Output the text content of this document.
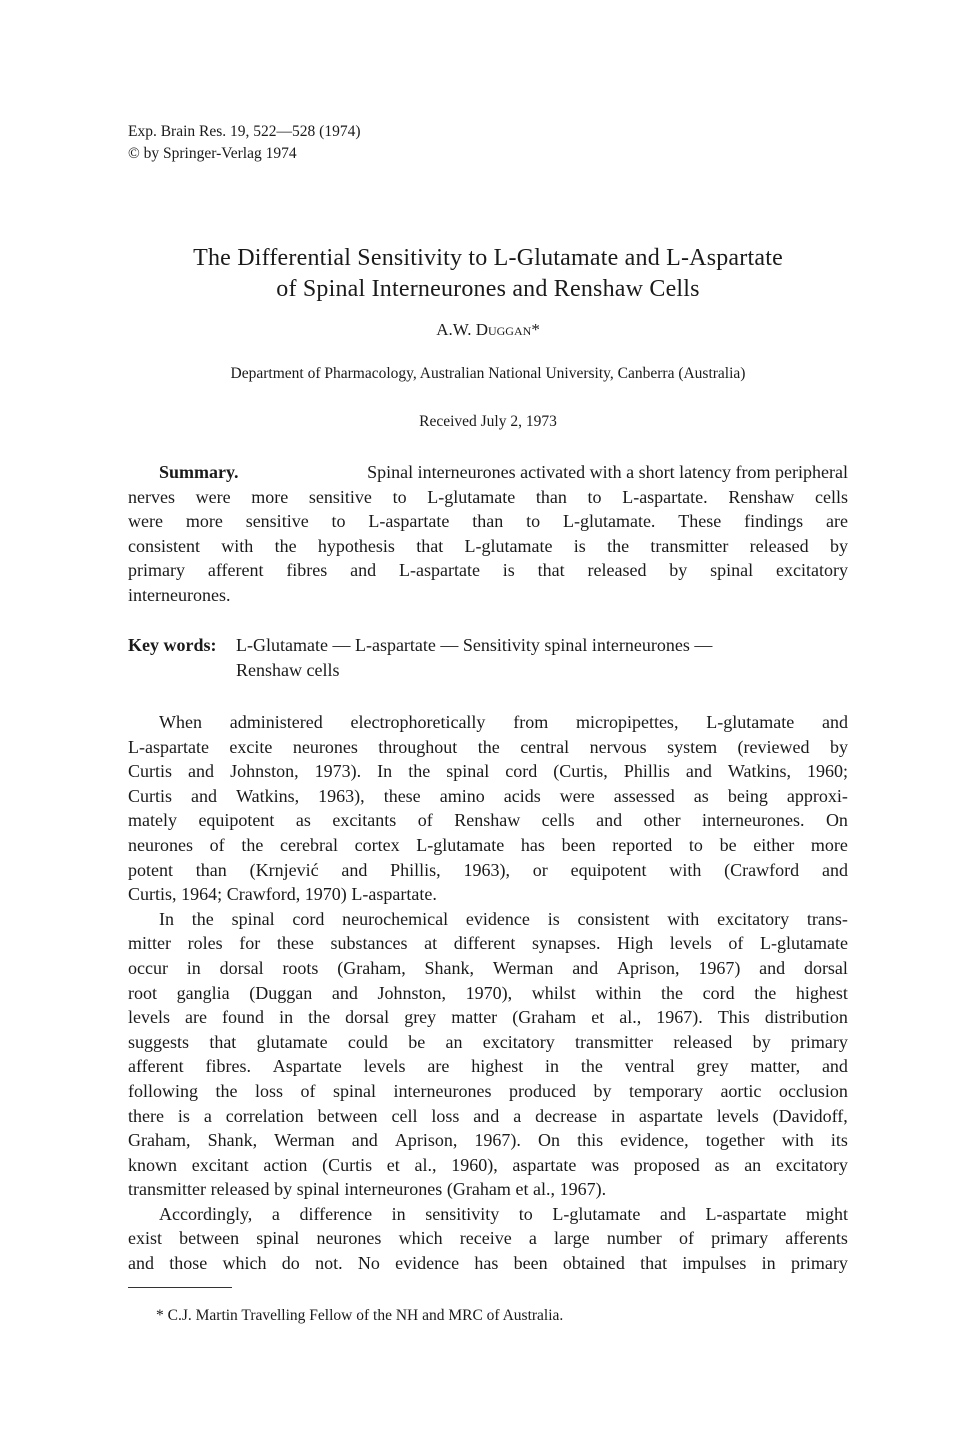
Exp. Brain Res. 19, 522—528 (1974)
© by Springer-Verlag 1974
The Differential Sensitivity to L-Glutamate and L-Aspartate
of Spinal Interneurones and Renshaw Cells
A.W. Duggan*
Department of Pharmacology, Australian National University, Canberra (Australia)
Received July 2, 1973
Summary.	Spinal interneurones activated with a short latency from peripheral
nerves were more sensitive to L-glutamate than to L-aspartate. Renshaw cells
were more sensitive to L-aspartate than to L-glutamate. These findings are
consistent with the hypothesis that L-glutamate is the transmitter released by
primary afferent fibres and L-aspartate is that released by spinal excitatory
interneurones.
Key words:	L-Glutamate — L-aspartate — Sensitivity spinal interneurones —
Renshaw cells
When administered electrophoretically from micropipettes, L-glutamate and
L-aspartate excite neurones throughout the central nervous system (reviewed by
Curtis and Johnston, 1973). In the spinal cord (Curtis, Phillis and Watkins, 1960;
Curtis and Watkins, 1963), these amino acids were assessed as being approxi-
mately equipotent as excitants of Renshaw cells and other interneurones. On
neurones of the cerebral cortex L-glutamate has been reported to be either more
potent than (Krnjević and Phillis, 1963), or equipotent with (Crawford and
Curtis, 1964; Crawford, 1970) L-aspartate.
In the spinal cord neurochemical evidence is consistent with excitatory trans-
mitter roles for these substances at different synapses. High levels of L-glutamate
occur in dorsal roots (Graham, Shank, Werman and Aprison, 1967) and dorsal
root ganglia (Duggan and Johnston, 1970), whilst within the cord the highest
levels are found in the dorsal grey matter (Graham et al., 1967). This distribution
suggests that glutamate could be an excitatory transmitter released by primary
afferent fibres. Aspartate levels are highest in the ventral grey matter, and
following the loss of spinal interneurones produced by temporary aortic occlusion
there is a correlation between cell loss and a decrease in aspartate levels (Davidoff,
Graham, Shank, Werman and Aprison, 1967). On this evidence, together with its
known excitant action (Curtis et al., 1960), aspartate was proposed as an excitatory
transmitter released by spinal interneurones (Graham et al., 1967).
Accordingly, a difference in sensitivity to L-glutamate and L-aspartate might
exist between spinal neurones which receive a large number of primary afferents
and those which do not. No evidence has been obtained that impulses in primary
* C.J. Martin Travelling Fellow of the NH and MRC of Australia.
